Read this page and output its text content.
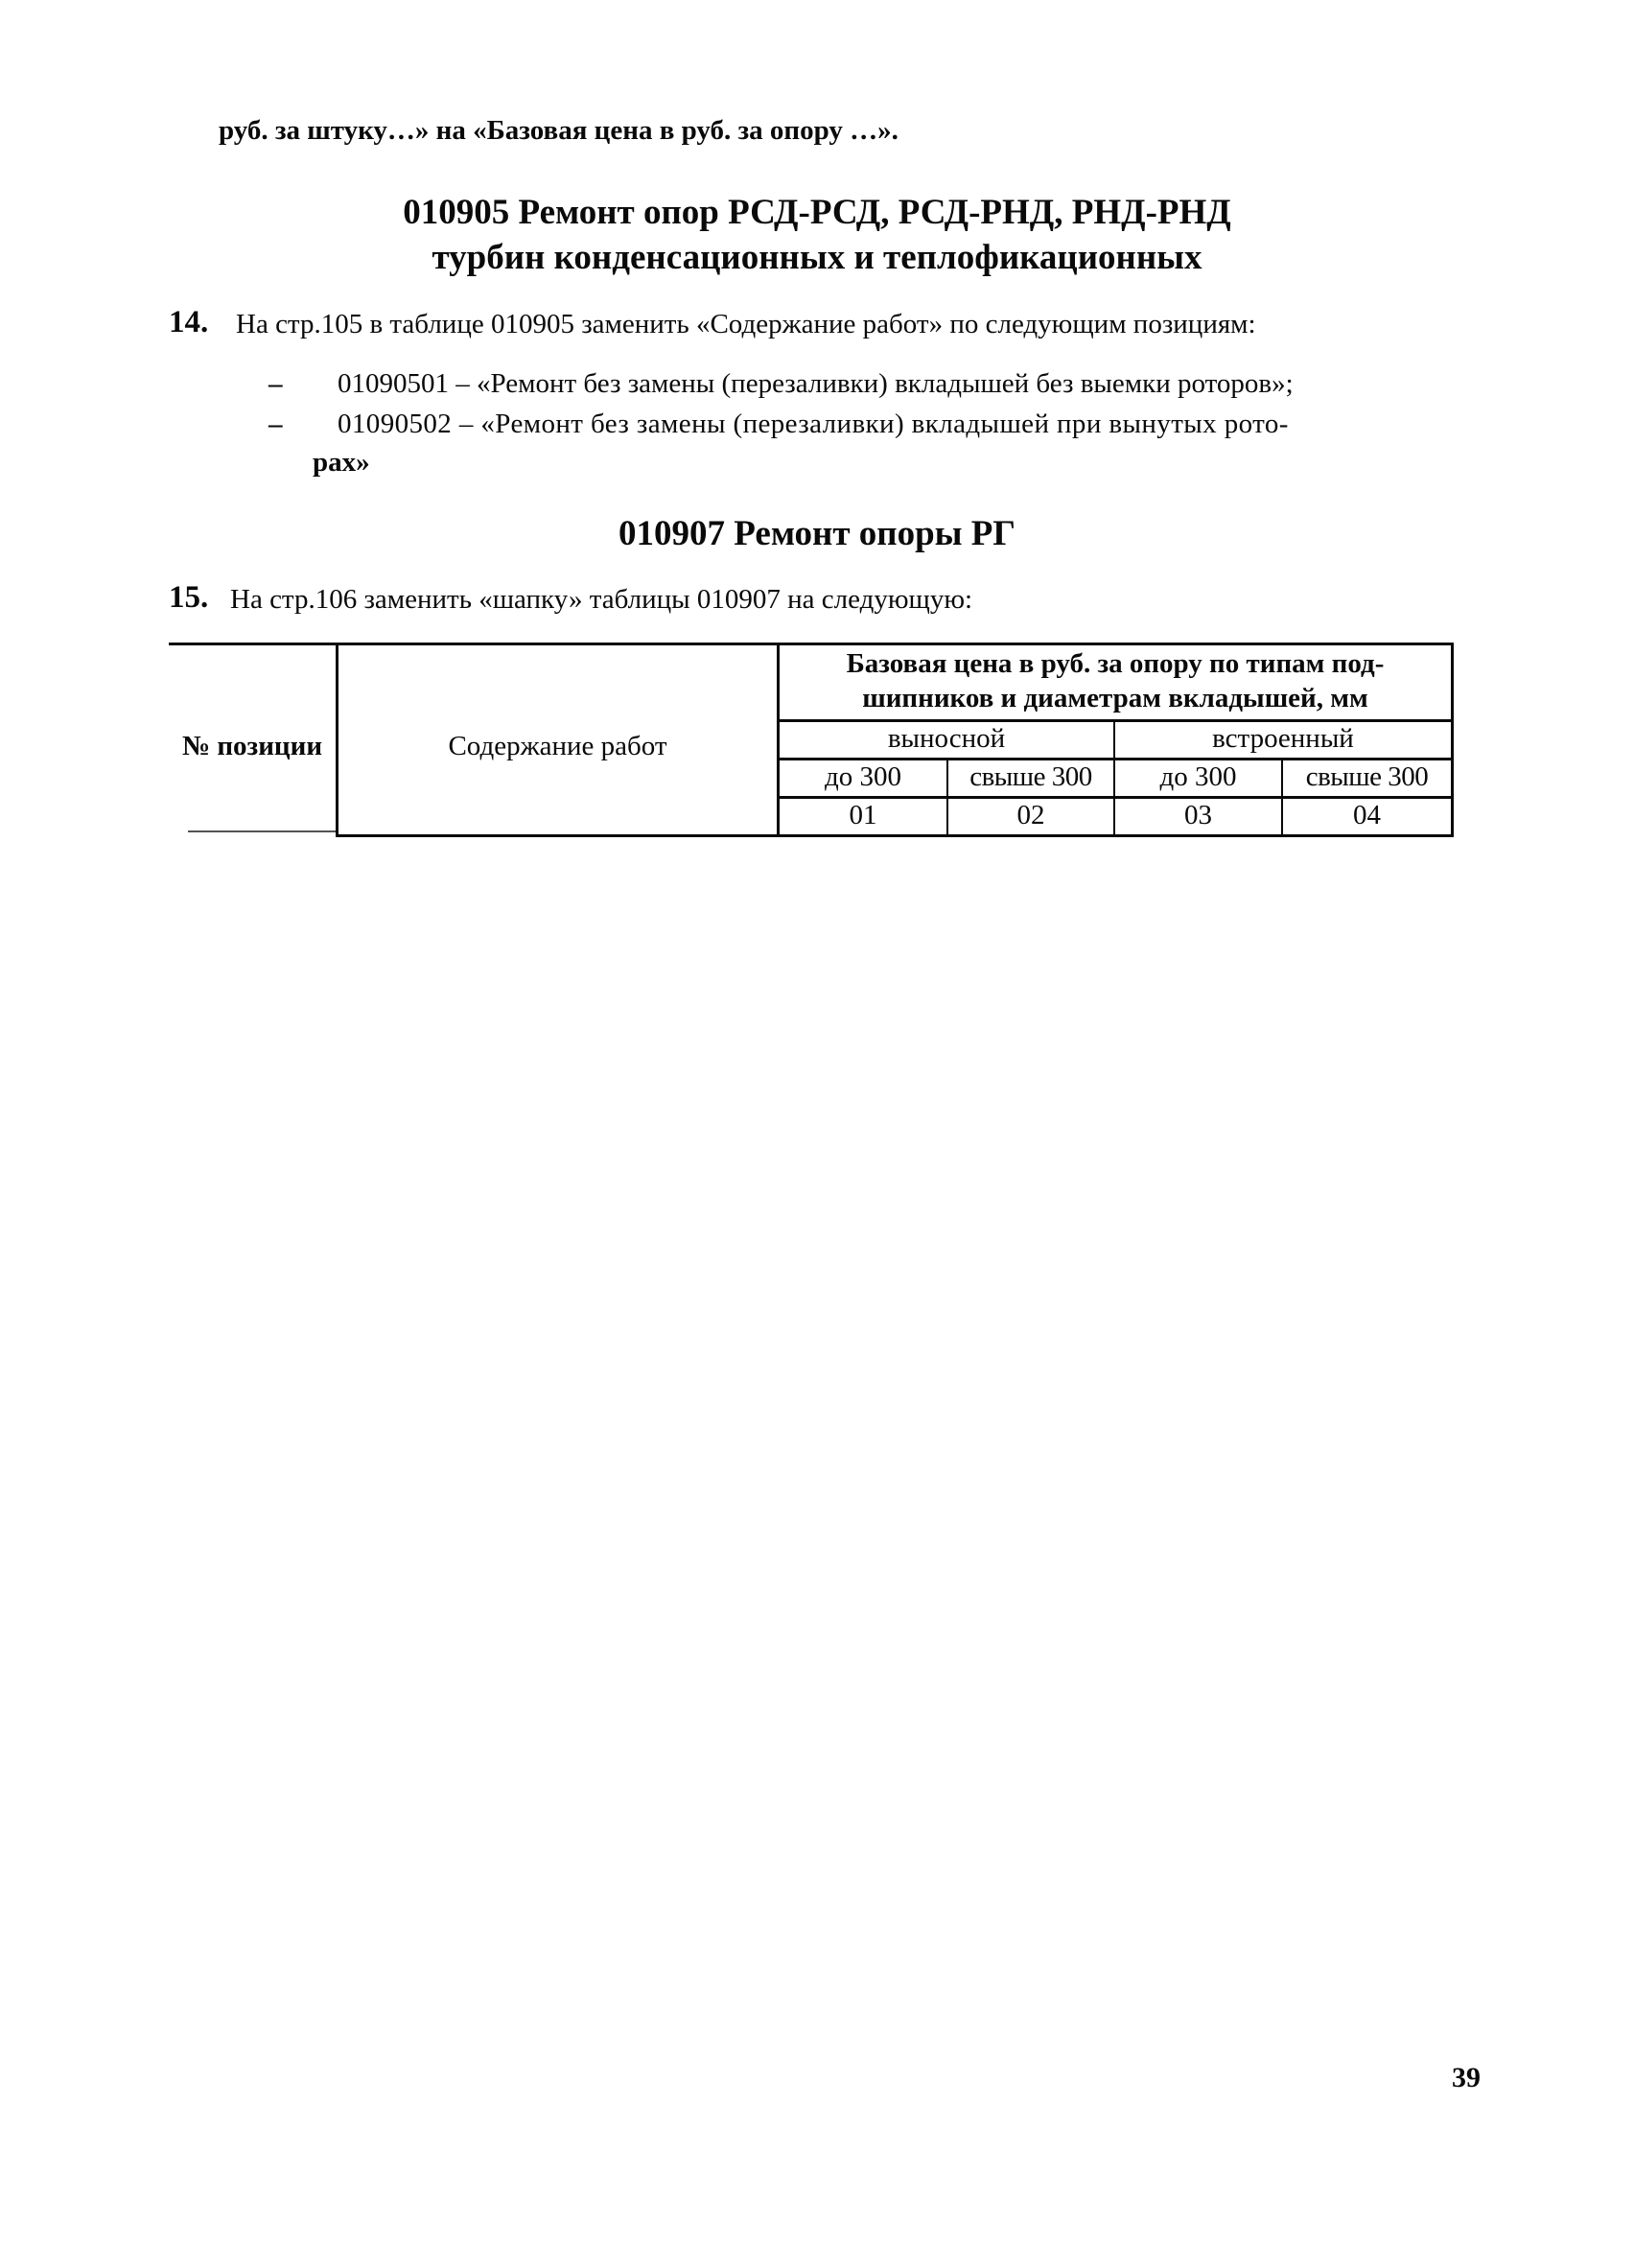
руб. за штуку…» на «Базовая цена в руб. за опору …».
010905 Ремонт опор РСД-РСД, РСД-РНД, РНД-РНД
турбин конденсационных и теплофикационных
14. На стр.105 в таблице 010905 заменить «Содержание работ» по следующим позициям:
– 01090501 – «Ремонт без замены (перезаливки) вкладышей без выемки роторов»;
– 01090502 – «Ремонт без замены (перезаливки) вкладышей при вынутых рото-
рах»
010907 Ремонт опоры РГ
15. На стр.106 заменить «шапку» таблицы 010907 на следующую:
№ позиции	Содержание работ
Базовая цена в руб. за опору по типам под-
шипников и диаметрам вкладышей, мм
выносной	встроенный
до 300	свыше 300	до 300	свыше 300
01	02	03	04
39
